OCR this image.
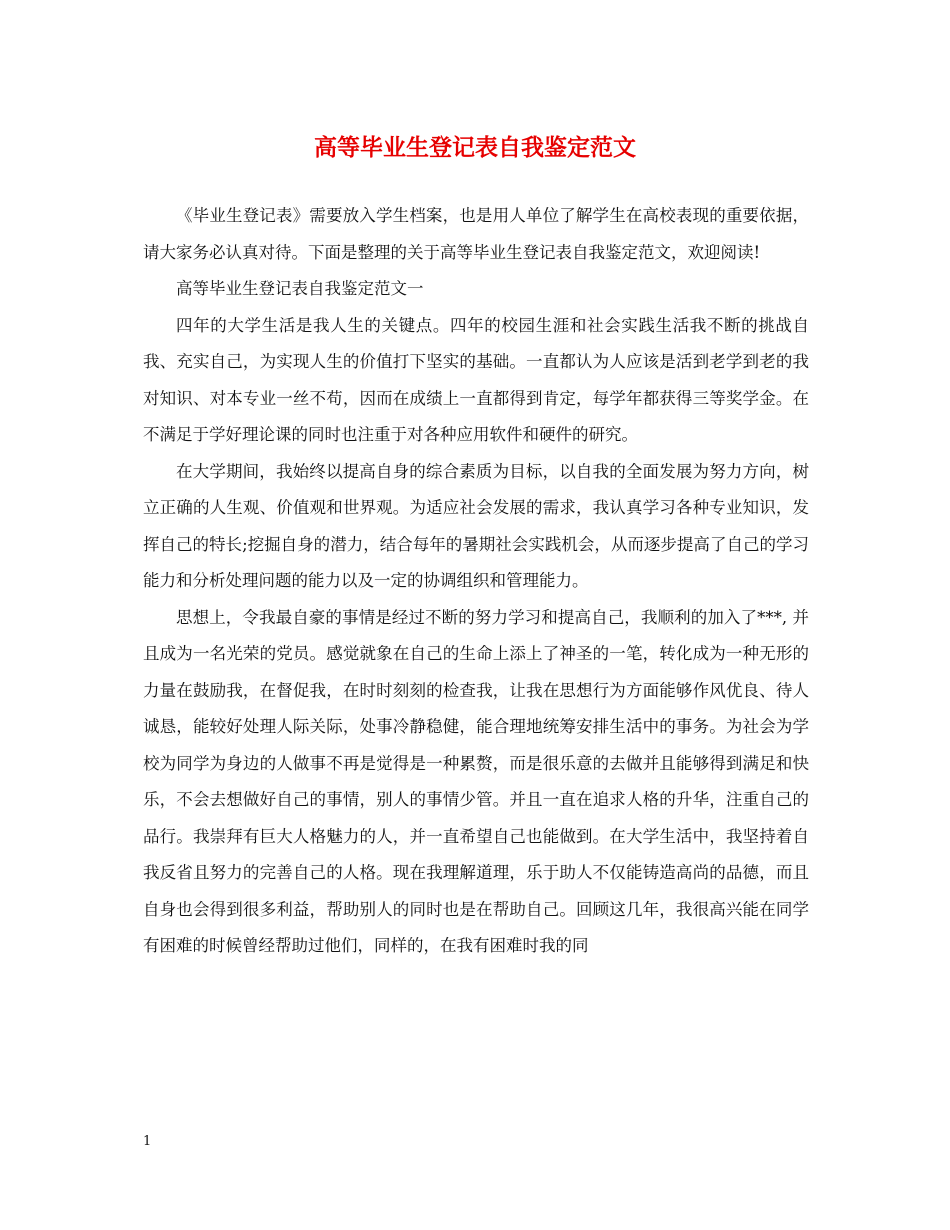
高等毕业生登记表自我鉴定范文

《毕业生登记表》需要放入学生档案，也是用人单位了解学生在高校表现的重要依据，请大家务必认真对待。下面是整理的关于高等毕业生登记表自我鉴定范文，欢迎阅读!

高等毕业生登记表自我鉴定范文一

四年的大学生活是我人生的关键点。四年的校园生涯和社会实践生活我不断的挑战自我、充实自己，为实现人生的价值打下坚实的基础。一直都认为人应该是活到老学到老的我对知识、对本专业一丝不苟，因而在成绩上一直都得到肯定，每学年都获得三等奖学金。在不满足于学好理论课的同时也注重于对各种应用软件和硬件的研究。

在大学期间，我始终以提高自身的综合素质为目标，以自我的全面发展为努力方向，树立正确的人生观、价值观和世界观。为适应社会发展的需求，我认真学习各种专业知识，发挥自己的特长;挖掘自身的潜力，结合每年的暑期社会实践机会，从而逐步提高了自己的学习能力和分析处理问题的能力以及一定的协调组织和管理能力。

思想上，令我最自豪的事情是经过不断的努力学习和提高自己，我顺利的加入了***, 并且成为一名光荣的党员。感觉就象在自己的生命上添上了神圣的一笔，转化成为一种无形的力量在鼓励我，在督促我，在时时刻刻的检查我，让我在思想行为方面能够作风优良、待人诚恳，能较好处理人际关际，处事冷静稳健，能合理地统筹安排生活中的事务。为社会为学校为同学为身边的人做事不再是觉得是一种累赘，而是很乐意的去做并且能够得到满足和快乐，不会去想做好自己的事情，别人的事情少管。并且一直在追求人格的升华，注重自己的品行。我崇拜有巨大人格魅力的人，并一直希望自己也能做到。在大学生活中，我坚持着自我反省且努力的完善自己的人格。现在我理解道理，乐于助人不仅能铸造高尚的品德，而且自身也会得到很多利益，帮助别人的同时也是在帮助自己。回顾这几年，我很高兴能在同学有困难的时候曾经帮助过他们，同样的，在我有困难时我的同

1
